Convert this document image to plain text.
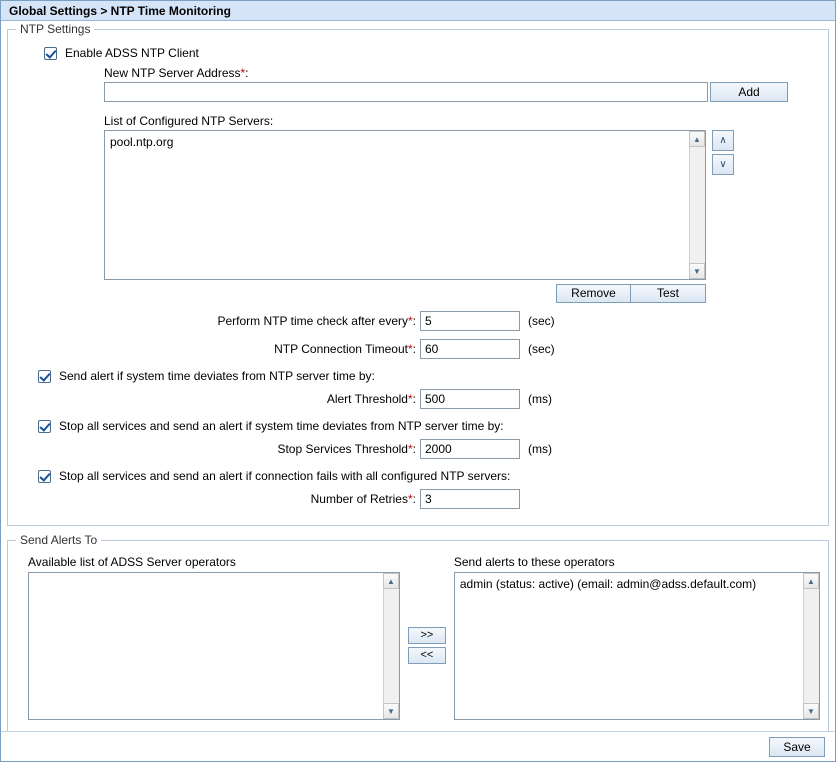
Global Settings > NTP Time Monitoring
NTP Settings
Enable ADSS NTP Client
New NTP Server Address*:
Add
List of Configured NTP Servers:
pool.ntp.org	▲
▼
∧
∨
Remove	Test
Perform NTP time check after every*:
5	(sec)
NTP Connection Timeout*:
60	(sec)
Send alert if system time deviates from NTP server time by:
Alert Threshold*:
500	(ms)
Stop all services and send an alert if system time deviates from NTP server time by:
Stop Services Threshold*:
2000	(ms)
Stop all services and send an alert if connection fails with all configured NTP servers:
Number of Retries*:
3
Send Alerts To
Available list of ADSS Server operators
▲
▼
>>
<<
Send alerts to these operators
admin (status: active) (email: admin@adss.default.com)	▲
▼
Save
